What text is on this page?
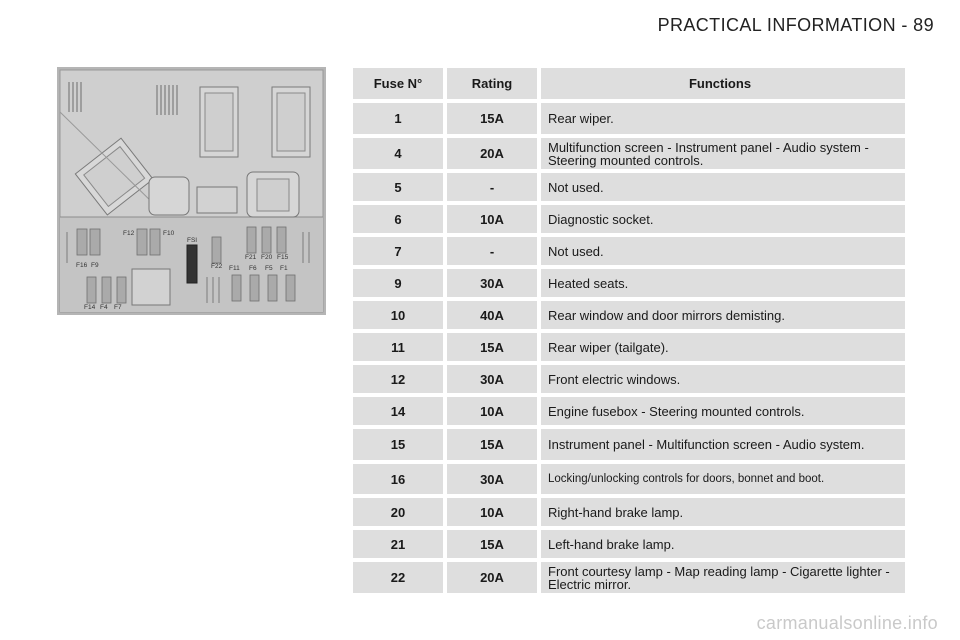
PRACTICAL INFORMATION - 89
F16 F9
F12	F10
FSI
F22 F11 F6 F5 F1
F21 F20 F15
F14 F4 F7
Fuse N°	Rating	Functions
1	15A	Rear wiper.
4	20A	Multifunction screen - Instrument panel - Audio system - Steering mounted controls.
5	-	Not used.
6	10A	Diagnostic socket.
7	-	Not used.
9	30A	Heated seats.
10	40A	Rear window and door mirrors demisting.
11	15A	Rear wiper (tailgate).
12	30A	Front electric windows.
14	10A	Engine fusebox - Steering mounted controls.
15	15A	Instrument panel - Multifunction screen - Audio system.
16	30A	Locking/unlocking controls for doors, bonnet and boot.
20	10A	Right-hand brake lamp.
21	15A	Left-hand brake lamp.
22	20A	Front courtesy lamp - Map reading lamp - Cigarette lighter - Electric mirror.
carmanualsonline.info
